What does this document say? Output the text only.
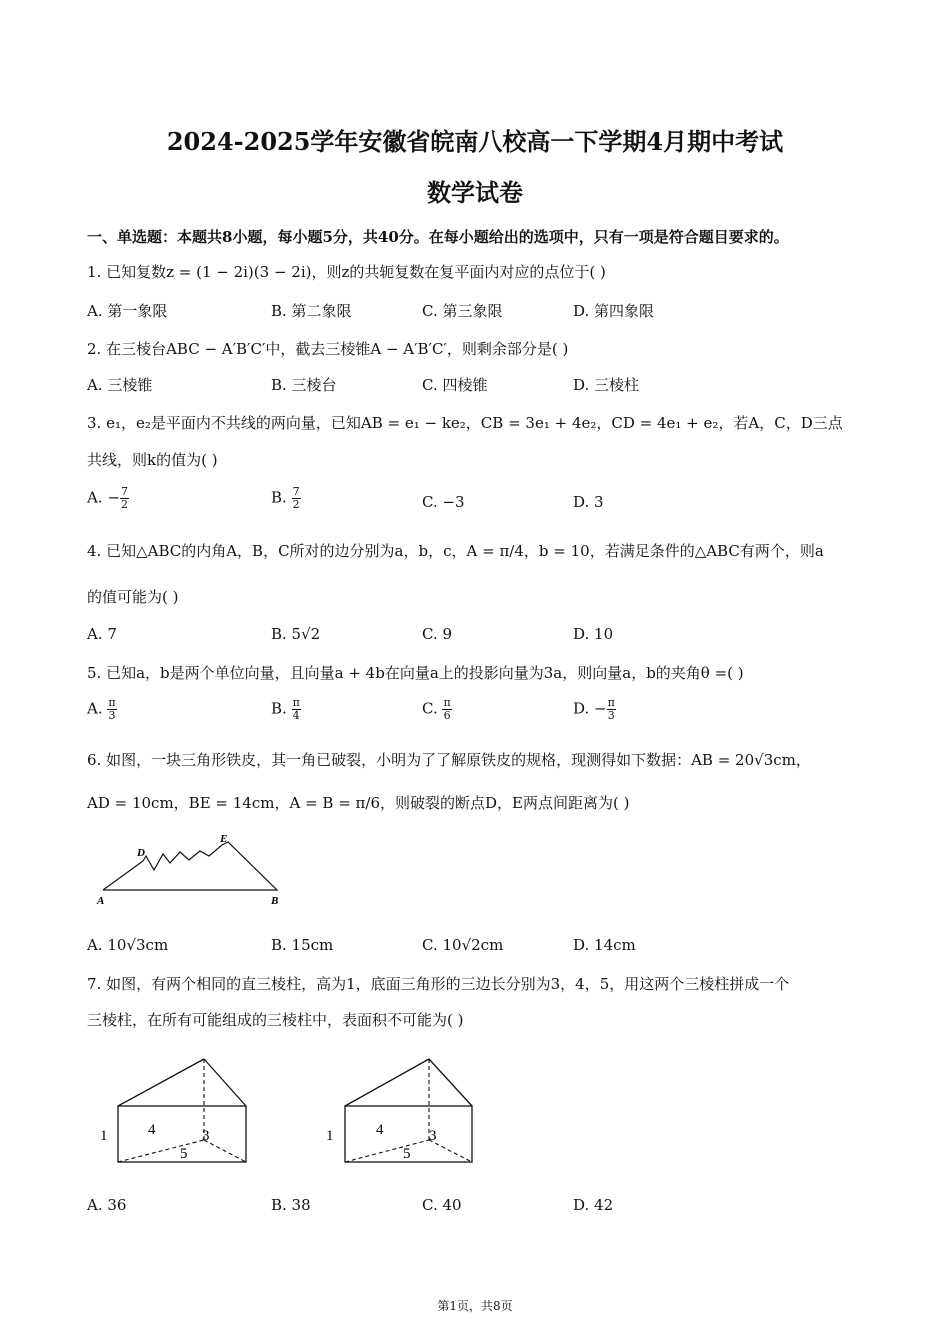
2024-2025学年安徽省皖南八校高一下学期4月期中考试
数学试卷
一、单选题：本题共8小题，每小题5分，共40分。在每小题给出的选项中，只有一项是符合题目要求的。
1. 已知复数z = (1 − 2i)(3 − 2i)，则z的共轭复数在复平面内对应的点位于( )
A. 第一象限	B. 第二象限	C. 第三象限	D. 第四象限
2. 在三棱台ABC − A′B′C′中，截去三棱锥A − A′B′C′，则剩余部分是( )
A. 三棱锥	B. 三棱台	C. 四棱锥	D. 三棱柱
3. e₁，e₂是平面内不共线的两向量，已知AB = e₁ − ke₂，CB = 3e₁ + 4e₂，CD = 4e₁ + e₂，若A，C，D三点
共线，则k的值为( )
A. − $\frac{7}{2}$	B. $\frac{7}{2}$	C. −3	D. 3
4. 已知△ABC的内角A，B，C所对的边分别为a，b，c，A = π/4，b = 10，若满足条件的△ABC有两个，则a
的值可能为( )
A. 7	B. 5√2	C. 9	D. 10
5. 已知a，b是两个单位向量，且向量a + 4b在向量a上的投影向量为3a，则向量a，b的夹角θ =( )
A. $\frac{\pi}{3}$	B. $\frac{\pi}{4}$	C. $\frac{\pi}{6}$	D. − $\frac{\pi}{3}$
6. 如图，一块三角形铁皮，其一角已破裂，小明为了了解原铁皮的规格，现测得如下数据：AB = 20√3cm，
AD = 10cm，BE = 14cm，A = B = π/6，则破裂的断点D，E两点间距离为( )
A	B
D
E
A. 10√3cm	B. 15cm	C. 10√2cm	D. 14cm
7. 如图，有两个相同的直三棱柱，高为1，底面三角形的三边长分别为3，4，5，用这两个三棱柱拼成一个
三棱柱，在所有可能组成的三棱柱中，表面积不可能为( )
1	4	3
5
1	4	3
5
A. 36	B. 38	C. 40	D. 42
第1页，共8页
